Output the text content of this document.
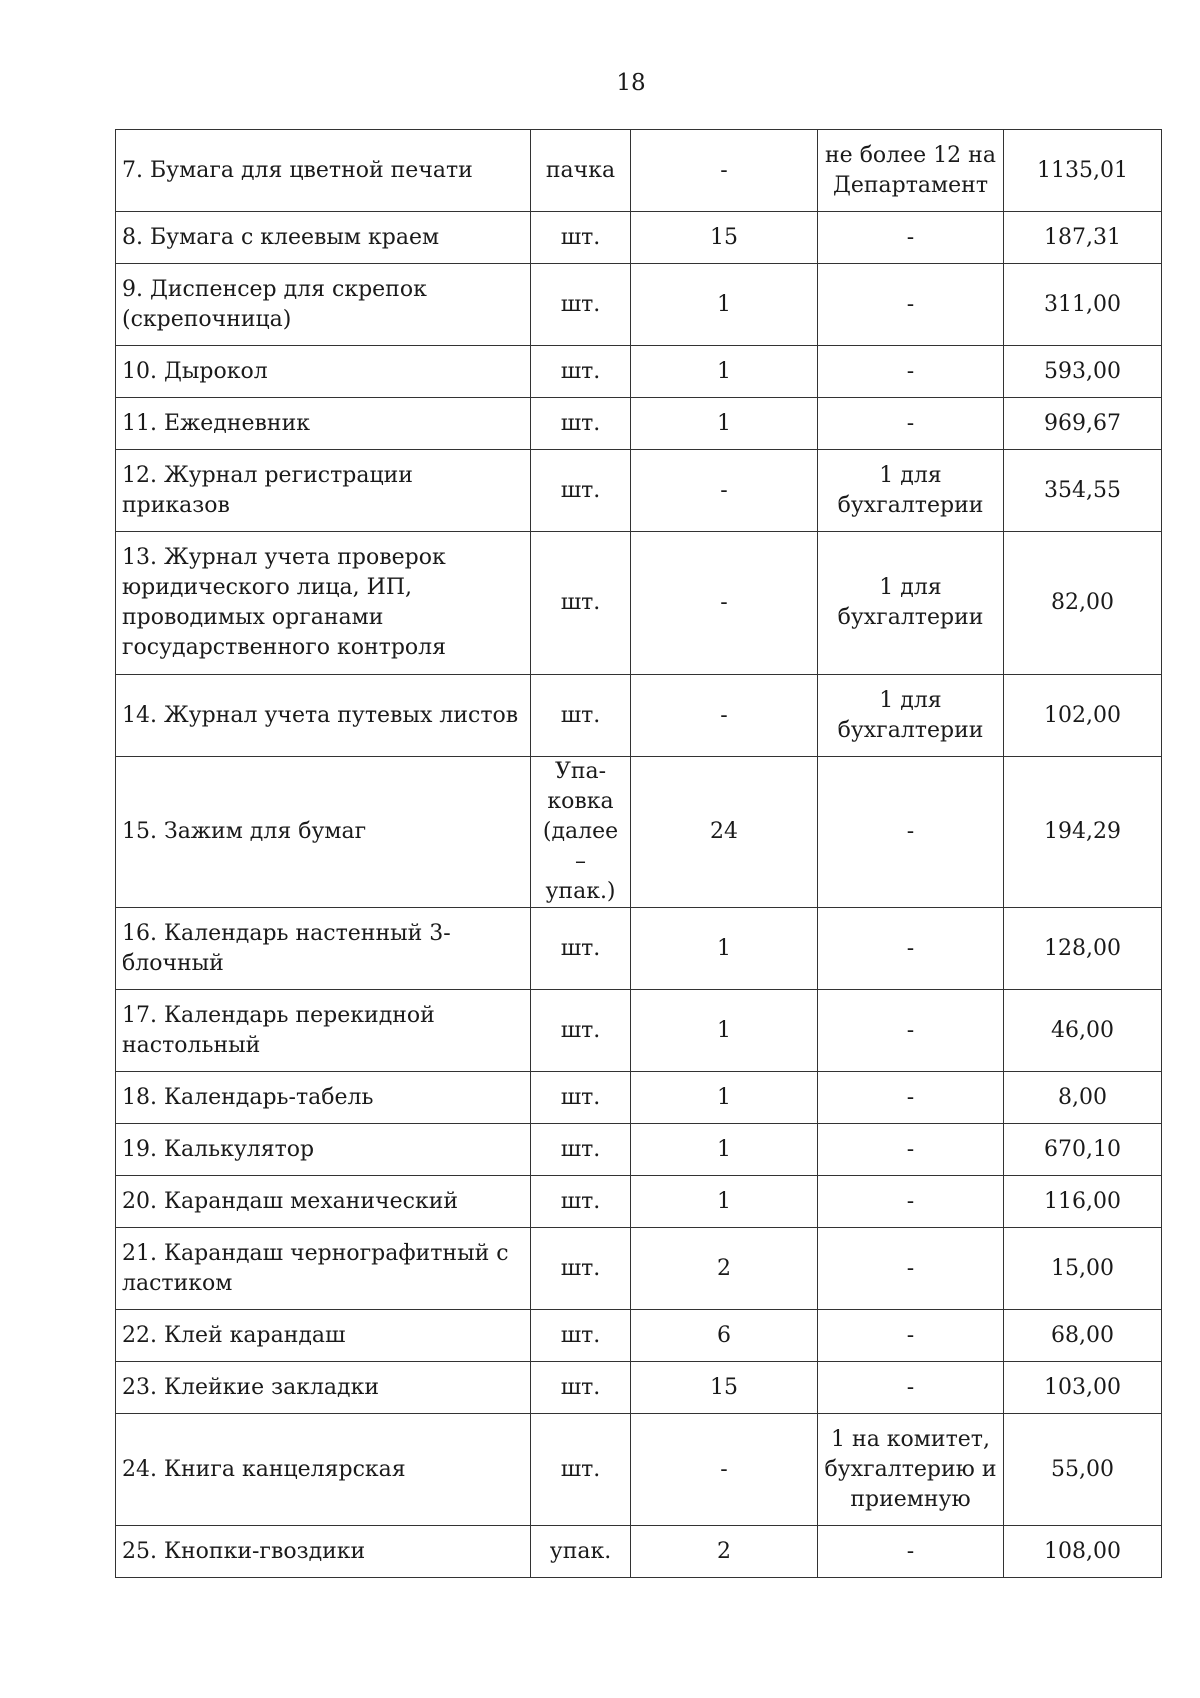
18
7. Бумага для цветной печати	пачка	-	не более 12 на Департамент	1135,01
8. Бумага с клеевым краем	шт.	15	-	187,31
9. Диспенсер для скрепок (скрепочница)	шт.	1	-	311,00
10. Дырокол	шт.	1	-	593,00
11. Ежедневник	шт.	1	-	969,67
12. Журнал регистрации приказов	шт.	-	1 для бухгалтерии	354,55
13. Журнал учета проверок юридического лица, ИП, проводимых органами государственного контроля	шт.	-	1 для бухгалтерии	82,00
14. Журнал учета путевых листов	шт.	-	1 для бухгалтерии	102,00
15. Зажим для бумаг	Упа-ковка (далее – упак.)	24	-	194,29
16. Календарь настенный 3-блочный	шт.	1	-	128,00
17. Календарь перекидной настольный	шт.	1	-	46,00
18. Календарь-табель	шт.	1	-	8,00
19. Калькулятор	шт.	1	-	670,10
20. Карандаш механический	шт.	1	-	116,00
21. Карандаш чернографитный с ластиком	шт.	2	-	15,00
22. Клей карандаш	шт.	6	-	68,00
23. Клейкие закладки	шт.	15	-	103,00
24. Книга канцелярская	шт.	-	1 на комитет, бухгалтерию и приемную	55,00
25. Кнопки-гвоздики	упак.	2	-	108,00
